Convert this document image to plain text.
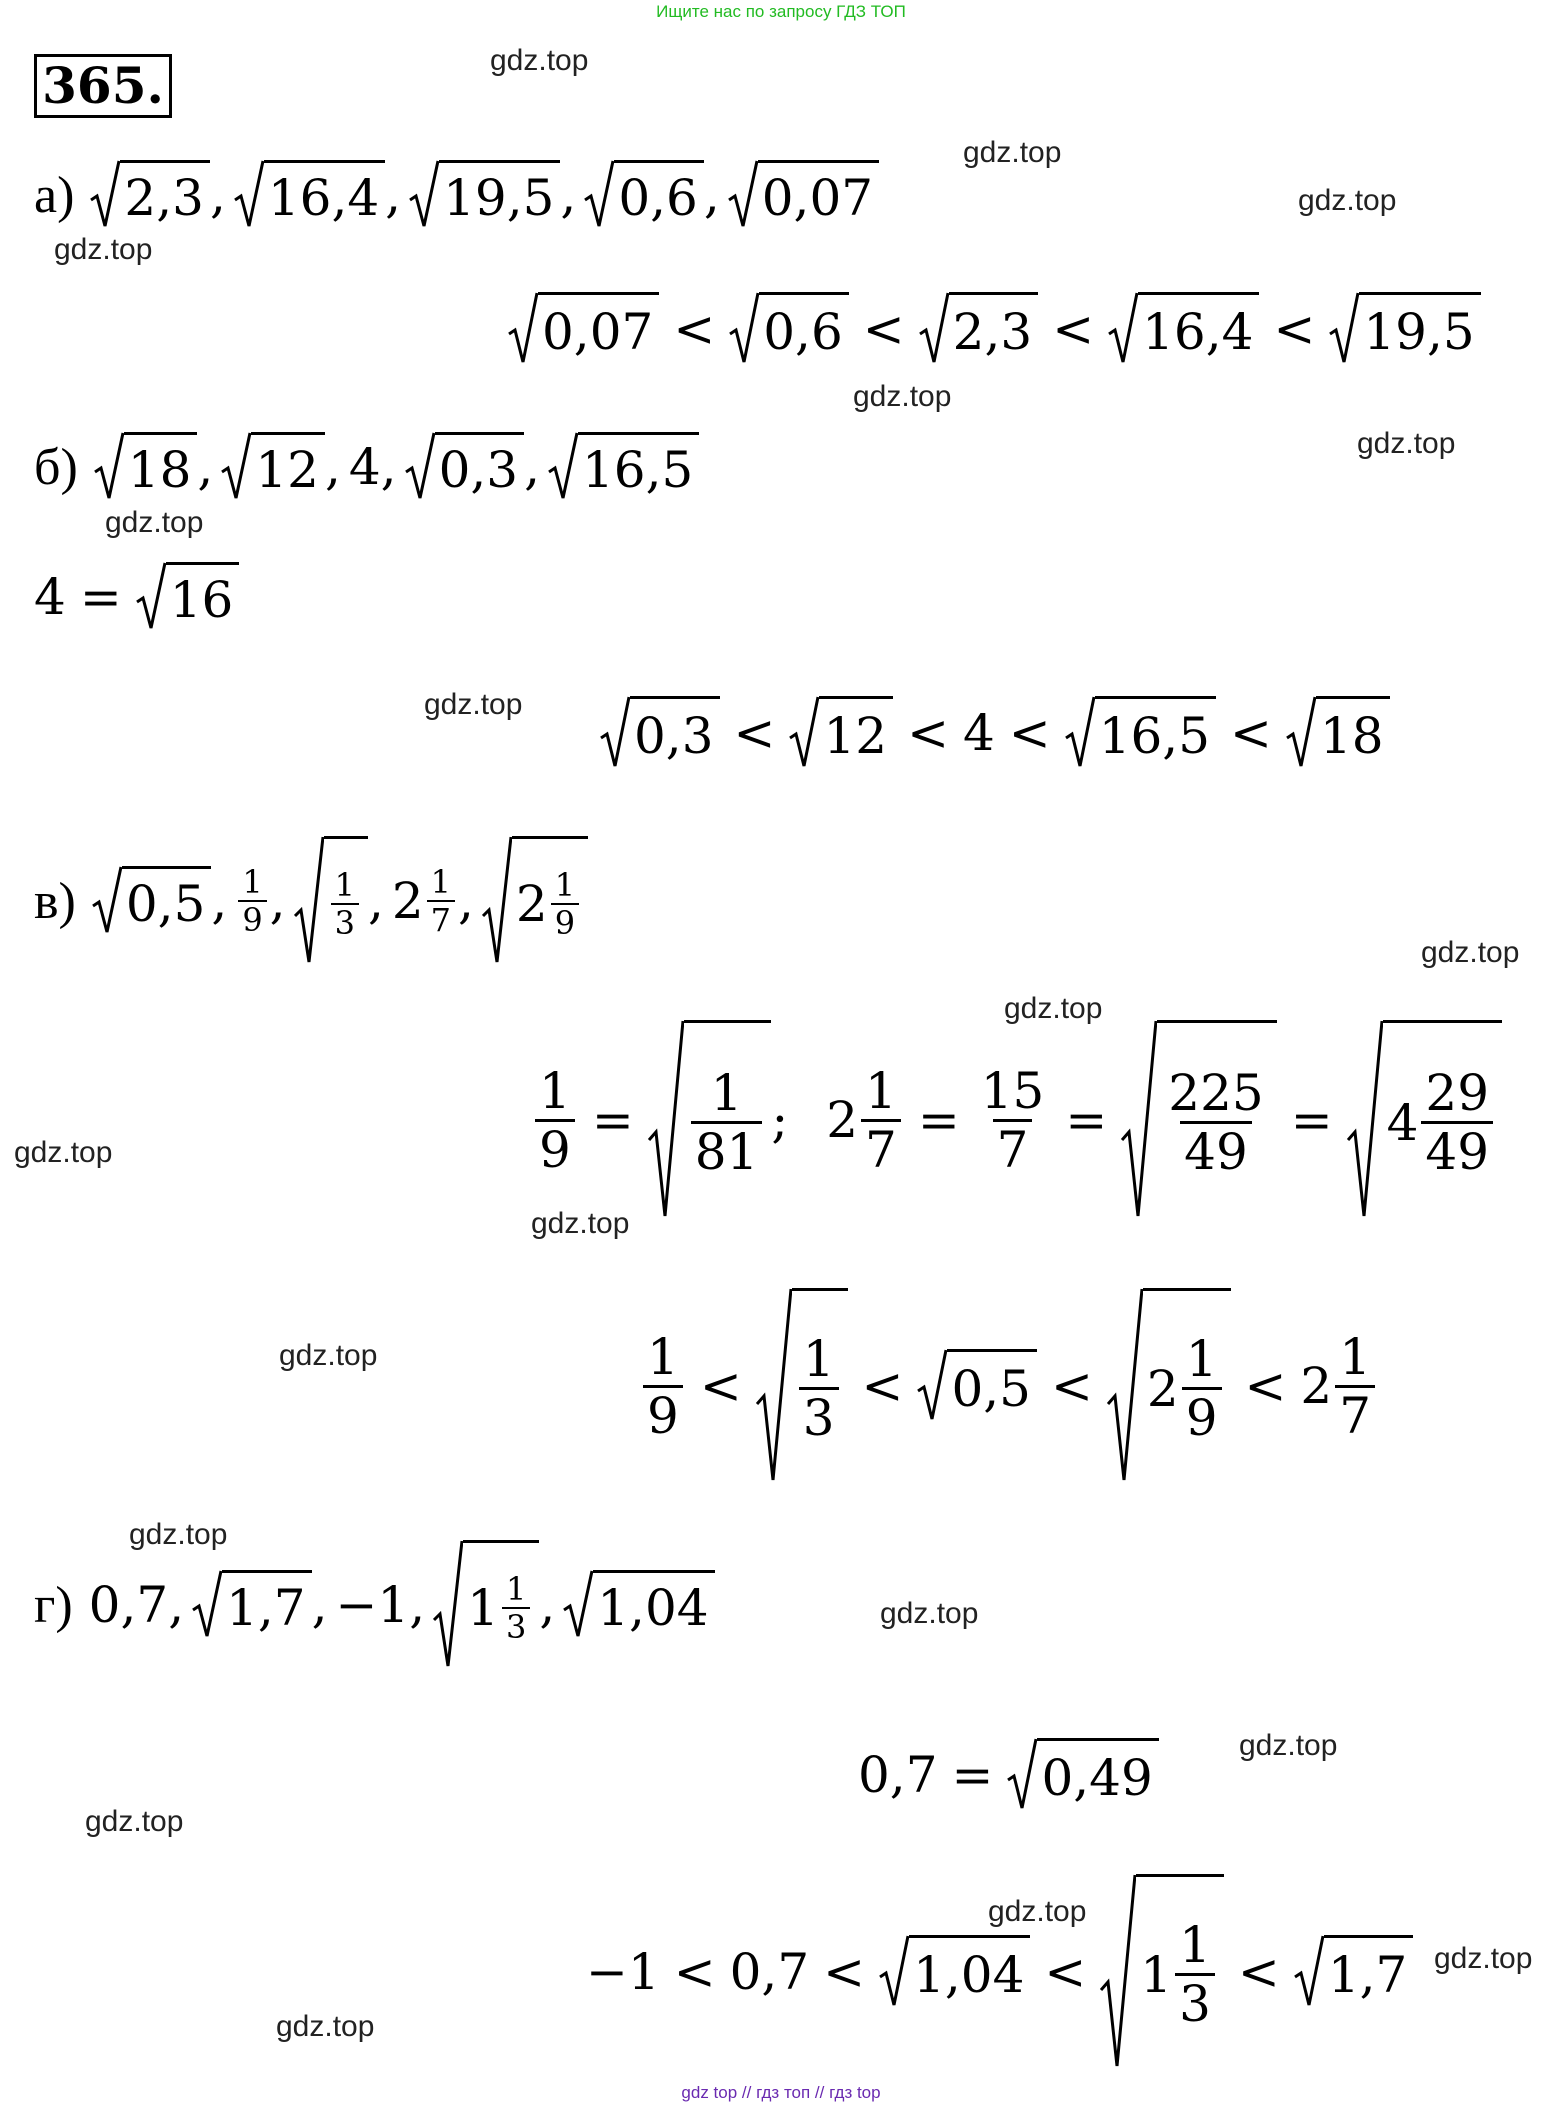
Ищите нас по запросу ГДЗ ТОП
365.	gdz.top
gdz.top
gdz.top
gdz.top
gdz.top
gdz.top
gdz.top
gdz.top
gdz.top
gdz.top
gdz.top
gdz.top
gdz.top
gdz.top
gdz.top
gdz.top
gdz.top
gdz.top
gdz.top
gdz.top
а) 2,3 , 16,4 , 19,5 , 0,6 , 0,07
0,07 < 0,6 < 2,3 < 16,4 < 19,5
б) 18 , 12 , 4 , 0,3 , 16,5
4 = 16
0,3 < 12 < 4 < 16,5 < 18
в) 0,5 , $\frac{1}{9}$ , $\frac{1}{3}$ , $2 \frac{1}{7}$ , $2 \frac{1}{9}$
$\frac{1}{9} = \frac{1}{81}$ ; $2 \frac{1}{7} = \frac{15}{7} = \frac{225}{49} = 4 \frac{29}{49}$
$\frac{1}{9} < \frac{1}{3} < 0,5 < 2 \frac{1}{9} < 2 \frac{1}{7}$
г) 0,7 , 1,7 , −1 , $1 \frac{1}{3}$ , 1,04
0,7 = 0,49
$-1 < 0,7 < 1,04 < 1 \frac{1}{3} < 1,7$
gdz top // гдз топ // гдз top
